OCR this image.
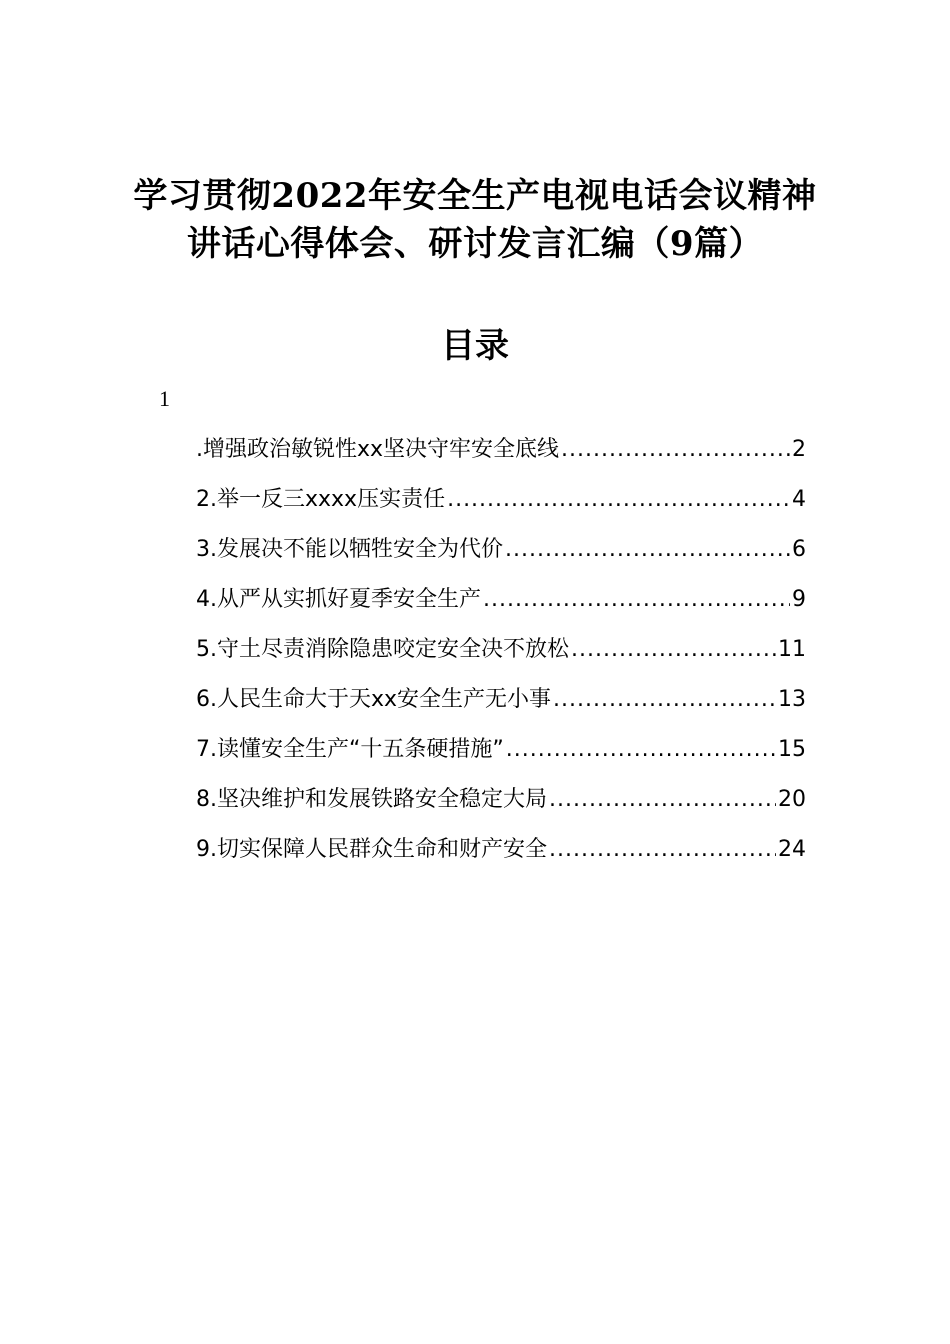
学习贯彻2022年安全生产电视电话会议精神讲话心得体会、研讨发言汇编（9篇）
目录
1
.增强政治敏锐性xx坚决守牢安全底线 .....	2
2.举一反三xxxx压实责任 .....	4
3.发展决不能以牺牲安全为代价 .....	6
4.从严从实抓好夏季安全生产 .....	9
5.守土尽责消除隐患咬定安全决不放松 .....	11
6.人民生命大于天xx安全生产无小事 .....	13
7.读懂安全生产“十五条硬措施” .....	15
8.坚决维护和发展铁路安全稳定大局 .....	20
9.切实保障人民群众生命和财产安全 .....	24
